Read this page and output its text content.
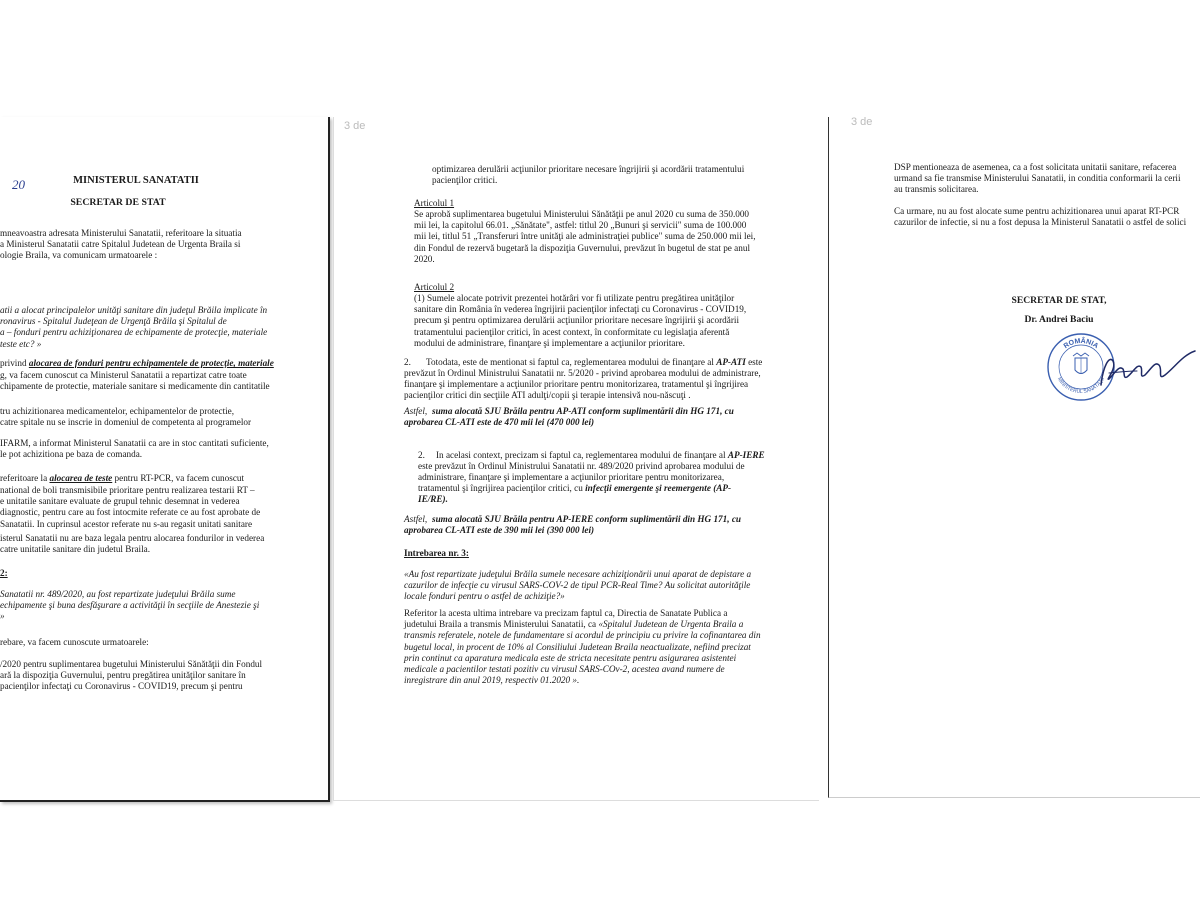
MINISTERUL SANATATII

20

SECRETAR DE STAT

mneavoastra adresata Ministerului Sanatatii, referitoare la situatia
a Ministerul Sanatatii catre Spitalul Judetean de Urgenta Braila si
ologie Braila, va comunicam urmatoarele :

atii a alocat principalelor unităţi sanitare din judeţul Brăila implicate în
ronavirus - Spitalul Judeţean de Urgenţă Brăila şi Spitalul de
a – fonduri pentru achiziţionarea de echipamente de protecţie, materiale
teste etc? »

privind alocarea de fonduri pentru echipamentele de protecţie, materiale

g, va facem cunoscut ca Ministerul Sanatatii a repartizat catre toate
chipamente de protectie, materiale sanitare si medicamente din cantitatile

tru achizitionarea medicamentelor, echipamentelor de protectie,
catre spitale nu se inscrie in domeniul de competenta al programelor

IFARM, a informat Ministerul Sanatatii ca are in stoc cantitati suficiente,
le pot achizitiona pe baza de comanda.

referitoare la alocarea de teste pentru RT-PCR, va facem cunoscut

national de boli transmisibile prioritare pentru realizarea testarii RT –
e unitatile sanitare evaluate de grupul tehnic desemnat in vederea
diagnostic, pentru care au fost intocmite referate ce au fost aprobate de
Sanatatii. In cuprinsul acestor referate nu s-au regasit unitati sanitare

isterul Sanatatii nu are baza legala pentru alocarea fondurilor in vederea
catre unitatile sanitare din judetul Braila.

2:

Sanatatii nr. 489/2020, au fost repartizate judeţului Brăila sume
echipamente şi buna desfăşurare a activităţii în secţiile de Anestezie şi
»

rebare, va facem cunoscute urmatoarele:

/2020 pentru suplimentarea bugetului Ministerului Sănătăţii din Fondul
ară la dispoziţia Guvernului, pentru pregătirea unităţilor sanitare în
pacienţilor infectaţi cu Coronavirus - COVID19, precum şi pentru

3 de

optimizarea derulării acţiunilor prioritare necesare îngrijirii şi acordării tratamentului
pacienţilor critici.

Articolul 1

Se aprobă suplimentarea bugetului Ministerului Sănătăţii pe anul 2020 cu suma de 350.000
mii lei, la capitolul 66.01. „Sănătate", astfel: titlul 20 „Bunuri şi servicii" suma de 100.000
mii lei, titlul 51 „Transferuri între unităţi ale administraţiei publice" suma de 250.000 mii lei,
din Fondul de rezervă bugetară la dispoziţia Guvernului, prevăzut în bugetul de stat pe anul
2020.

Articolul 2

(1) Sumele alocate potrivit prezentei hotărâri vor fi utilizate pentru pregătirea unităţilor
sanitare din România în vederea îngrijirii pacienţilor infectaţi cu Coronavirus - COVID19,
precum şi pentru optimizarea derulării acţiunilor prioritare necesare îngrijirii şi acordării
tratamentului pacienţilor critici, în acest context, în conformitate cu legislaţia aferentă
modului de administrare, finanţare şi implementare a acţiunilor prioritare.

2. Totodata, este de mentionat si faptul ca, reglementarea modului de finanţare al AP-ATI este

prevăzut în Ordinul Ministrului Sanatatii nr. 5/2020 - privind aprobarea modului de administrare,
finanţare şi implementare a acţiunilor prioritare pentru monitorizarea, tratamentul şi îngrijirea
pacienţilor critici din secţiile ATI adulţi/copii şi terapie intensivă nou-născuţi .

Astfel, suma alocată SJU Brăila pentru AP-ATI conform suplimentării din HG 171, cu
aprobarea CL-ATI este de 470 mii lei (470 000 lei)

2. In acelasi context, precizam si faptul ca, reglementarea modului de finanţare al AP-IERE

este prevăzut în Ordinul Ministrului Sanatatii nr. 489/2020 privind aprobarea modului de
administrare, finanţare şi implementare a acţiunilor prioritare pentru monitorizarea,
tratamentul şi îngrijirea pacienţilor critici, cu infecţii emergente şi reemergente (AP-

IE/RE).

Astfel, suma alocată SJU Brăila pentru AP-IERE conform suplimentării din HG 171, cu
aprobarea CL-ATI este de 390 mii lei (390 000 lei)

Intrebarea nr. 3:

«Au fost repartizate judeţului Brăila sumele necesare achiziţionării unui aparat de depistare a
cazurilor de infecţie cu virusul SARS-COV-2 de tipul PCR-Real Time? Au solicitat autorităţile
locale fonduri pentru o astfel de achiziţie?»

Referitor la acesta ultima intrebare va precizam faptul ca, Directia de Sanatate Publica a
judetului Braila a transmis Ministerului Sanatatii, ca «Spitalul Judetean de Urgenta Braila a
transmis referatele, notele de fundamentare si acordul de principiu cu privire la cofinantarea din
bugetul local, in procent de 10% al Consiliului Judetean Braila neactualizate, nefiind precizat
prin continut ca aparatura medicala este de stricta necesitate pentru asigurarea asistentei
medicale a pacientilor testati pozitiv cu virusul SARS-COv-2, acestea avand numere de
inregistrare din anul 2019, respectiv 01.2020 ».

3 de

DSP mentioneaza de asemenea, ca a fost solicitata unitatii sanitare, refacerea
urmand sa fie transmise Ministerului Sanatatii, in conditia conformarii la cerii
au transmis solicitarea.

Ca urmare, nu au fost alocate sume pentru achizitionarea unui aparat RT-PCR
cazurilor de infectie, si nu a fost depusa la Ministerul Sanatatii o astfel de solici

SECRETAR DE STAT,

Dr. Andrei Baciu

ROMÂNIA
MINISTERUL SĂNĂTĂŢII
